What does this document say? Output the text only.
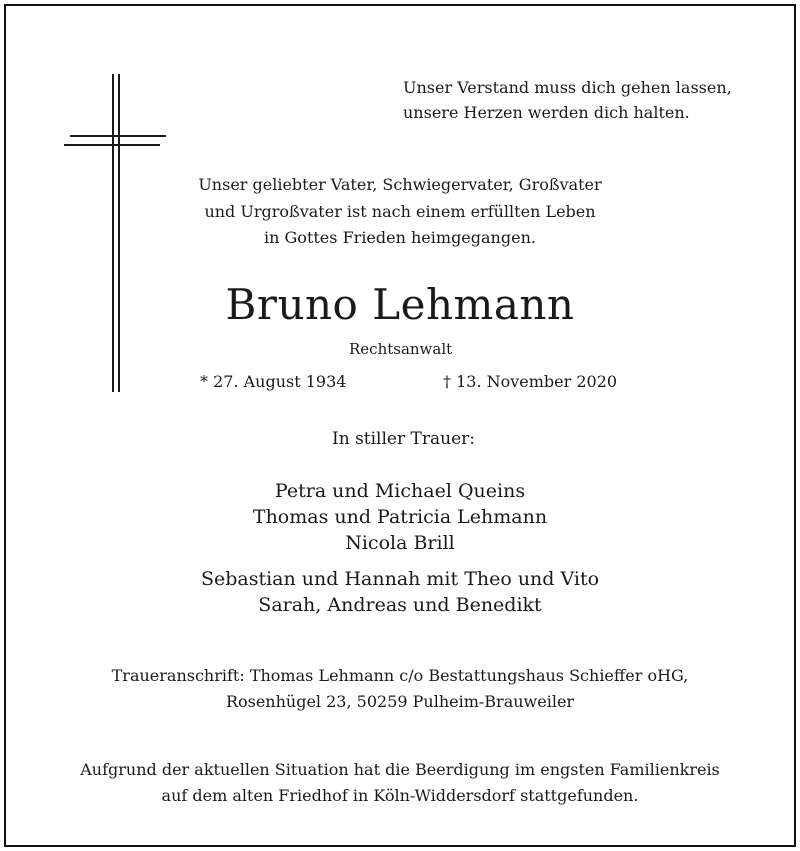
Unser Verstand muss dich gehen lassen,
unsere Herzen werden dich halten.
Unser geliebter Vater, Schwiegervater, Großvater
und Urgroßvater ist nach einem erfüllten Leben
in Gottes Frieden heimgegangen.
Bruno Lehmann
Rechtsanwalt
* 27. August 1934	† 13. November 2020
In stiller Trauer:
Petra und Michael Queins
Thomas und Patricia Lehmann
Nicola Brill
Sebastian und Hannah mit Theo und Vito
Sarah, Andreas und Benedikt
Traueranschrift: Thomas Lehmann c/o Bestattungshaus Schieffer oHG,
Rosenhügel 23, 50259 Pulheim-Brauweiler
Aufgrund der aktuellen Situation hat die Beerdigung im engsten Familienkreis
auf dem alten Friedhof in Köln-Widdersdorf stattgefunden.
